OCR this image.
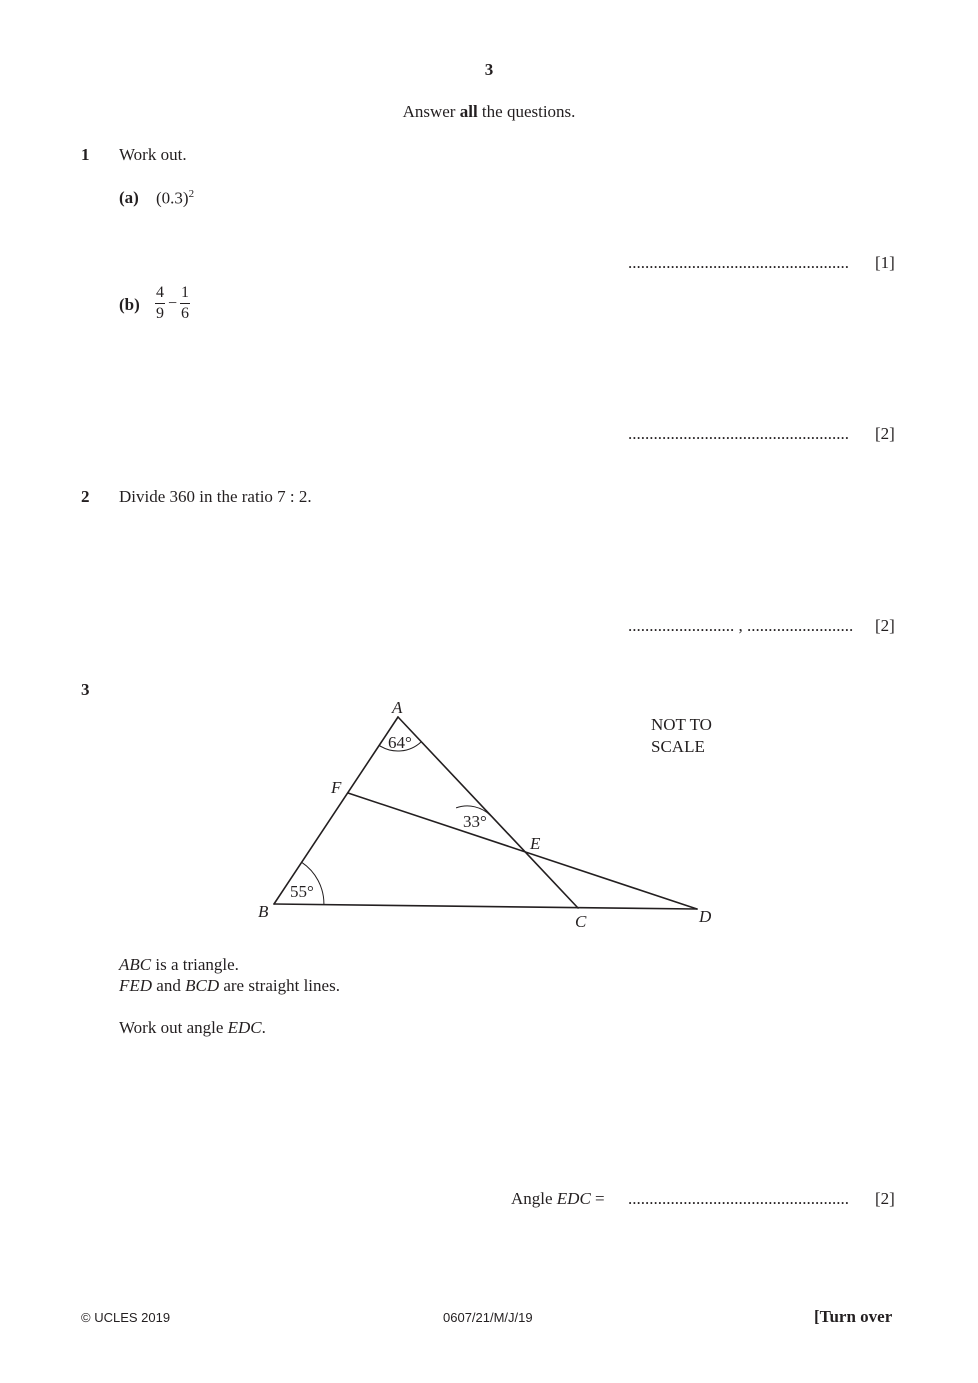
3
Answer all the questions.
1 Work out.
(a) $(0.3)^2$
....................................................	[1]
$(b) \frac{4}{9} - \frac{1}{6}$
....................................................	[2]
2 Divide 360 in the ratio 7 : 2.
......................... , .........................	[2]
3
A
B
C	D
E
F
64°
33°
55°
NOT TO
SCALE
ABC is a triangle.
FED and BCD are straight lines.
Work out angle EDC.
Angle EDC = ....................................................	[2]
© UCLES 2019	0607/21/M/J/19	[Turn over
